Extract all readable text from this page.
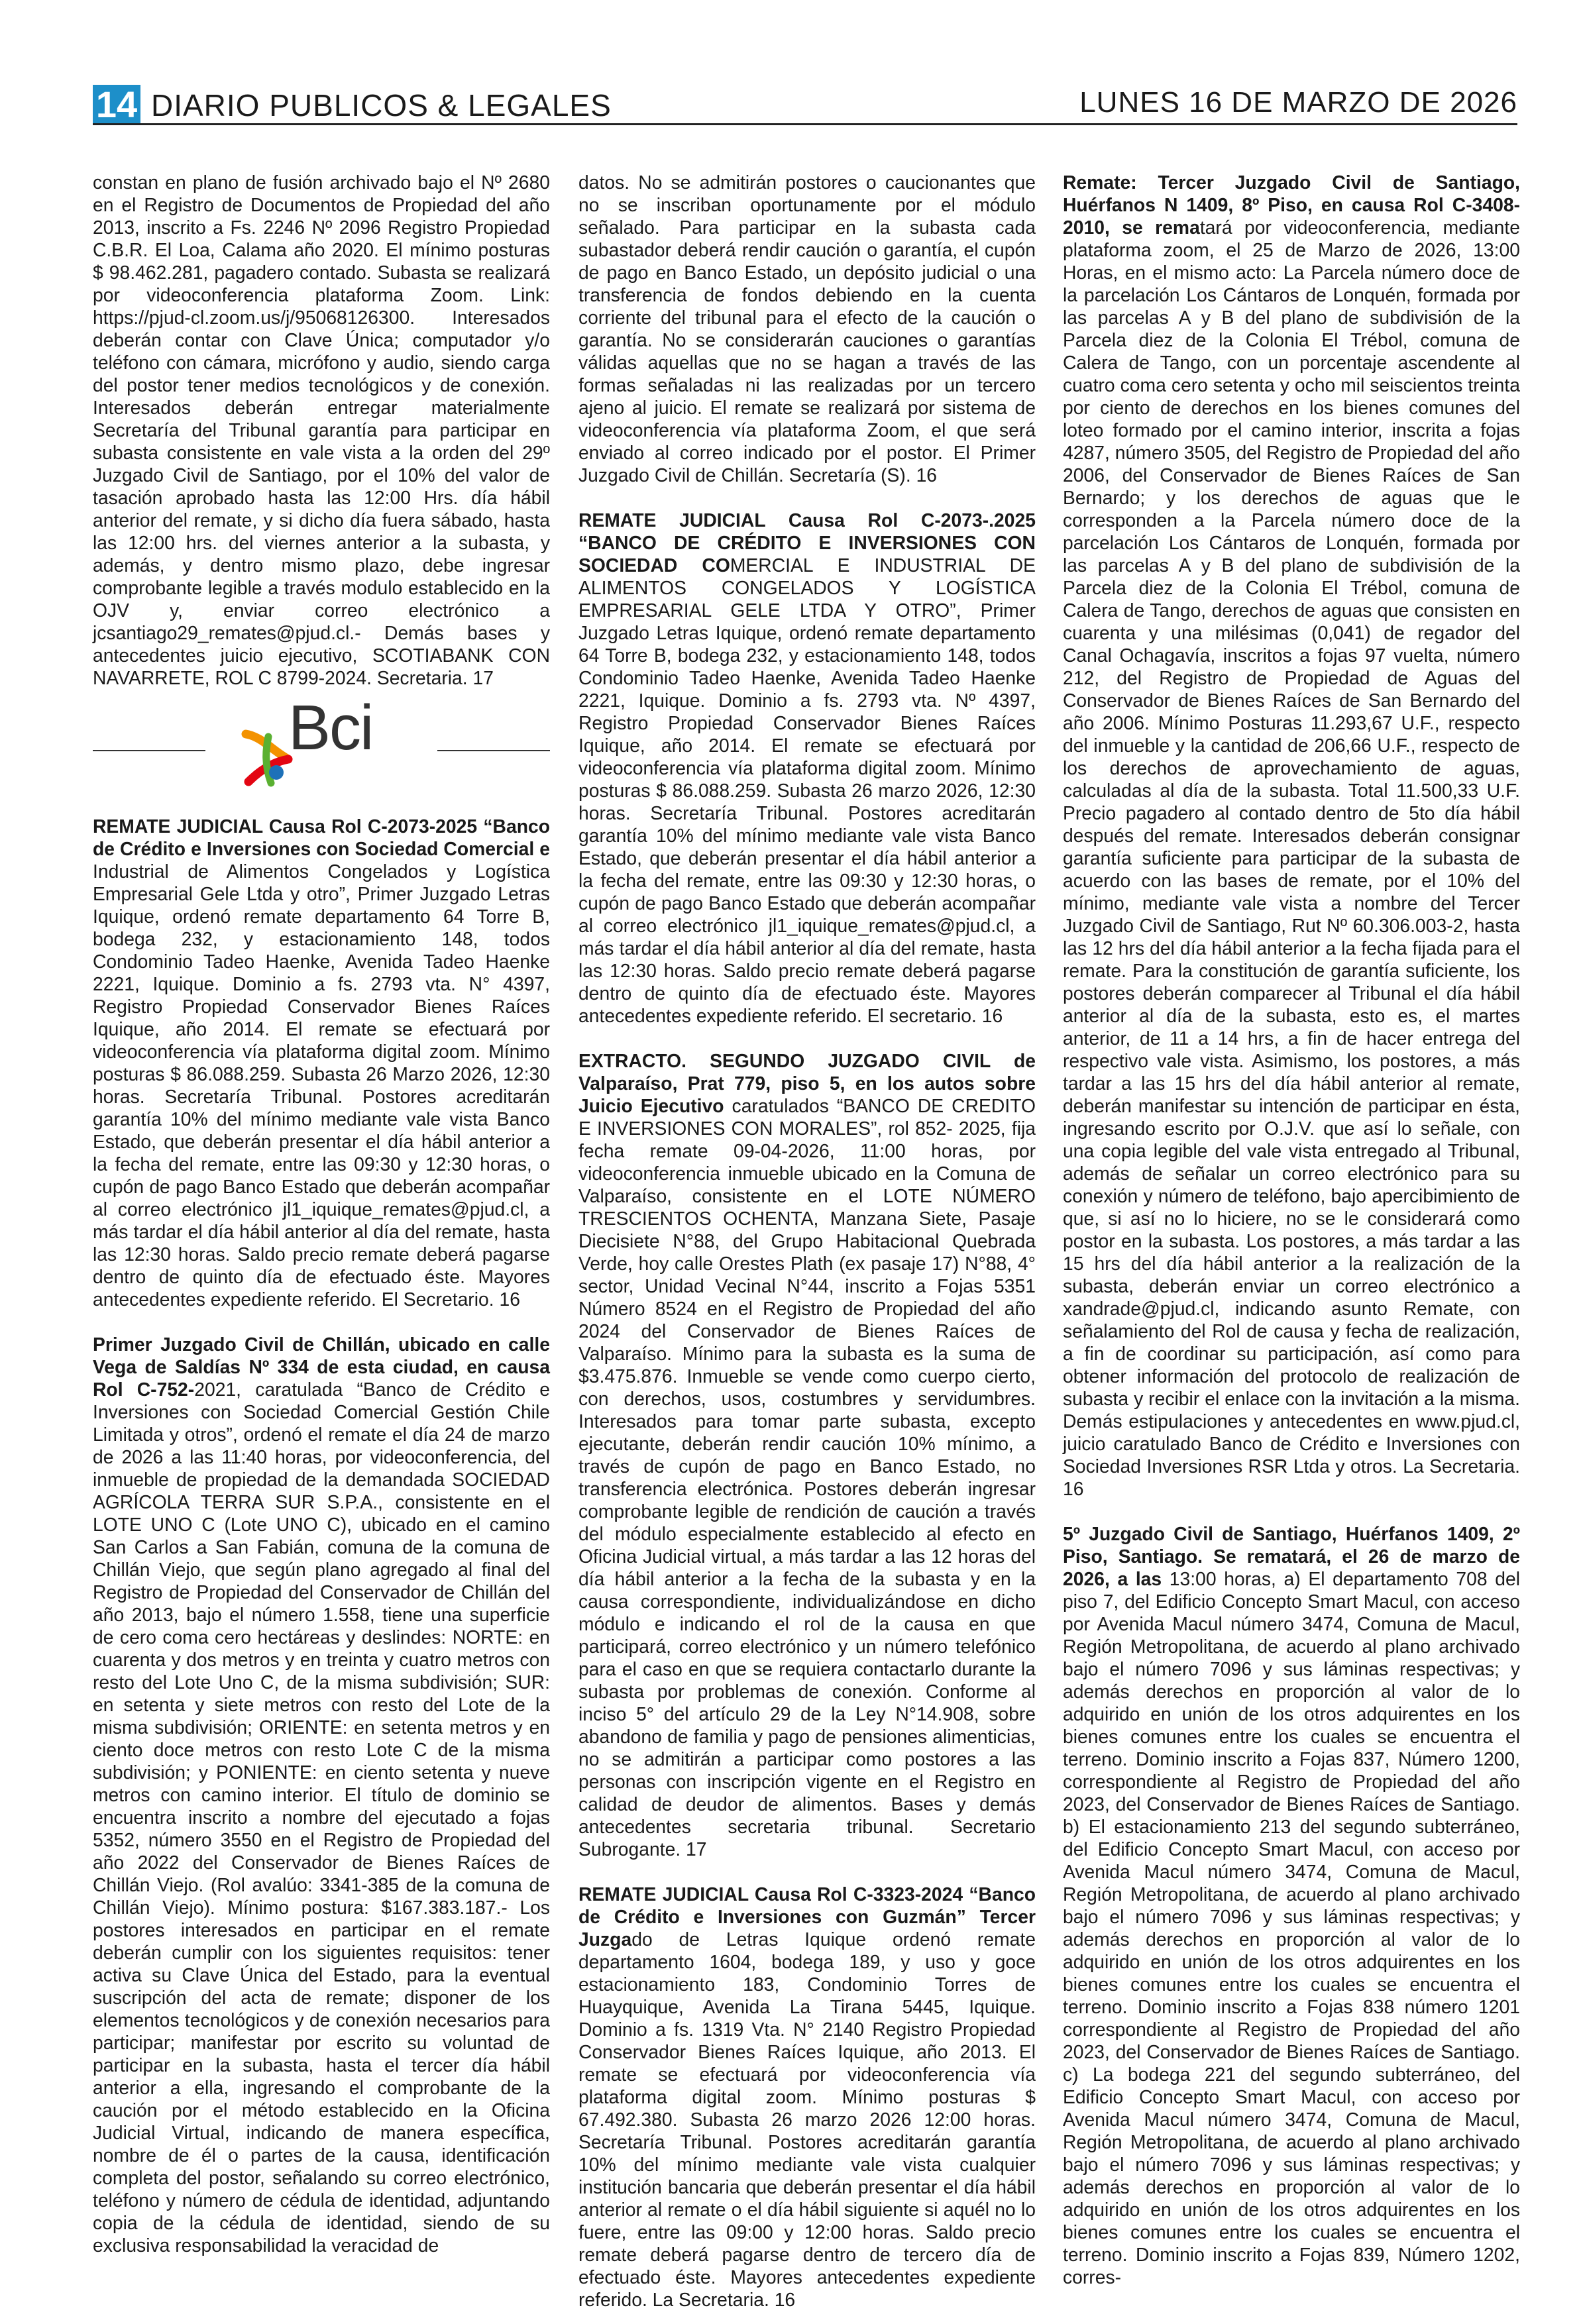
14 DIARIO PUBLICOS & LEGALES	LUNES 16 DE MARZO DE 2026

constan en plano de fusión archivado bajo el Nº 2680 en el Registro de Documentos de Propiedad del año 2013, inscrito a Fs. 2246 Nº 2096 Registro Propiedad C.B.R. El Loa, Calama año 2020. El mínimo posturas $ 98.462.281, pagadero contado. Subasta se realizará por videoconferencia plataforma Zoom. Link: https://pjud-cl.zoom.us/j/95068126300. Interesados deberán contar con Clave Única; computador y/o teléfono con cámara, micrófono y audio, siendo carga del postor tener medios tecnológicos y de conexión. Interesados deberán entregar materialmente Secretaría del Tribunal garantía para participar en subasta consistente en vale vista a la orden del 29º Juzgado Civil de Santiago, por el 10% del valor de tasación aprobado hasta las 12:00 Hrs. día hábil anterior del remate, y si dicho día fuera sábado, hasta las 12:00 hrs. del viernes anterior a la subasta, y además, y dentro mismo plazo, debe ingresar comprobante legible a través modulo establecido en la OJV y, enviar correo electrónico a jcsantiago29_remates@pjud.cl.- Demás bases y antecedentes juicio ejecutivo, SCOTIABANK CON NAVARRETE, ROL C 8799-2024. Secretaria. 17

Bci

REMATE JUDICIAL Causa Rol C-2073-2025 “Banco de Crédito e Inversiones con Sociedad Comercial e Industrial de Alimentos Congelados y Logística Empresarial Gele Ltda y otro”, Primer Juzgado Letras Iquique, ordenó remate departamento 64 Torre B, bodega 232, y estacionamiento 148, todos Condominio Tadeo Haenke, Avenida Tadeo Haenke 2221, Iquique. Dominio a fs. 2793 vta. N° 4397, Registro Propiedad Conservador Bienes Raíces Iquique, año 2014. El remate se efectuará por videoconferencia vía plataforma digital zoom. Mínimo posturas $ 86.088.259. Subasta 26 Marzo 2026, 12:30 horas. Secretaría Tribunal. Postores acreditarán garantía 10% del mínimo mediante vale vista Banco Estado, que deberán presentar el día hábil anterior a la fecha del remate, entre las 09:30 y 12:30 horas, o cupón de pago Banco Estado que deberán acompañar al correo electrónico jl1_iquique_remates@pjud.cl, a más tardar el día hábil anterior al día del remate, hasta las 12:30 horas. Saldo precio remate deberá pagarse dentro de quinto día de efectuado éste. Mayores antecedentes expediente referido. El Secretario. 16

Primer Juzgado Civil de Chillán, ubicado en calle Vega de Saldías Nº 334 de esta ciudad, en causa Rol C-752-2021, caratulada “Banco de Crédito e Inversiones con Sociedad Comercial Gestión Chile Limitada y otros”, ordenó el remate el día 24 de marzo de 2026 a las 11:40 horas, por videoconferencia, del inmueble de propiedad de la demandada SOCIEDAD AGRÍCOLA TERRA SUR S.P.A., consistente en el LOTE UNO C (Lote UNO C), ubicado en el camino San Carlos a San Fabián, comuna de la comuna de Chillán Viejo, que según plano agregado al final del Registro de Propiedad del Conservador de Chillán del año 2013, bajo el número 1.558, tiene una superficie de cero coma cero hectáreas y deslindes: NORTE: en cuarenta y dos metros y en treinta y cuatro metros con resto del Lote Uno C, de la misma subdivisión; SUR: en setenta y siete metros con resto del Lote de la misma subdivisión; ORIENTE: en setenta metros y en ciento doce metros con resto Lote C de la misma subdivisión; y PONIENTE: en ciento setenta y nueve metros con camino interior. El título de dominio se encuentra inscrito a nombre del ejecutado a fojas 5352, número 3550 en el Registro de Propiedad del año 2022 del Conservador de Bienes Raíces de Chillán Viejo. (Rol avalúo: 3341-385 de la comuna de Chillán Viejo). Mínimo postura: $167.383.187.- Los postores interesados en participar en el remate deberán cumplir con los siguientes requisitos: tener activa su Clave Única del Estado, para la eventual suscripción del acta de remate; disponer de los elementos tecnológicos y de conexión necesarios para participar; manifestar por escrito su voluntad de participar en la subasta, hasta el tercer día hábil anterior a ella, ingresando el comprobante de la caución por el método establecido en la Oficina Judicial Virtual, indicando de manera específica, nombre de él o partes de la causa, identificación completa del postor, señalando su correo electrónico, teléfono y número de cédula de identidad, adjuntando copia de la cédula de identidad, siendo de su exclusiva responsabilidad la veracidad de

datos. No se admitirán postores o caucionantes que no se inscriban oportunamente por el módulo señalado. Para participar en la subasta cada subastador deberá rendir caución o garantía, el cupón de pago en Banco Estado, un depósito judicial o una transferencia de fondos debiendo en la cuenta corriente del tribunal para el efecto de la caución o garantía. No se considerarán cauciones o garantías válidas aquellas que no se hagan a través de las formas señaladas ni las realizadas por un tercero ajeno al juicio. El remate se realizará por sistema de videoconferencia vía plataforma Zoom, el que será enviado al correo indicado por el postor. El Primer Juzgado Civil de Chillán. Secretaría (S). 16

REMATE JUDICIAL Causa Rol C-2073-.2025 “BANCO DE CRÉDITO E INVERSIONES CON SOCIEDAD COMERCIAL E INDUSTRIAL DE ALIMENTOS CONGELADOS Y LOGÍSTICA EMPRESARIAL GELE LTDA Y OTRO”, Primer Juzgado Letras Iquique, ordenó remate departamento 64 Torre B, bodega 232, y estacionamiento 148, todos Condominio Tadeo Haenke, Avenida Tadeo Haenke 2221, Iquique. Dominio a fs. 2793 vta. Nº 4397, Registro Propiedad Conservador Bienes Raíces Iquique, año 2014. El remate se efectuará por videoconferencia vía plataforma digital zoom. Mínimo posturas $ 86.088.259. Subasta 26 marzo 2026, 12:30 horas. Secretaría Tribunal. Postores acreditarán garantía 10% del mínimo mediante vale vista Banco Estado, que deberán presentar el día hábil anterior a la fecha del remate, entre las 09:30 y 12:30 horas, o cupón de pago Banco Estado que deberán acompañar al correo electrónico jl1_iquique_remates@pjud.cl, a más tardar el día hábil anterior al día del remate, hasta las 12:30 horas. Saldo precio remate deberá pagarse dentro de quinto día de efectuado éste. Mayores antecedentes expediente referido. El secretario. 16

EXTRACTO. SEGUNDO JUZGADO CIVIL de Valparaíso, Prat 779, piso 5, en los autos sobre Juicio Ejecutivo caratulados “BANCO DE CREDITO E INVERSIONES CON MORALES”, rol 852- 2025, fija fecha remate 09-04-2026, 11:00 horas, por videoconferencia inmueble ubicado en la Comuna de Valparaíso, consistente en el LOTE NÚMERO TRESCIENTOS OCHENTA, Manzana Siete, Pasaje Diecisiete N°88, del Grupo Habitacional Quebrada Verde, hoy calle Orestes Plath (ex pasaje 17) N°88, 4° sector, Unidad Vecinal N°44, inscrito a Fojas 5351 Número 8524 en el Registro de Propiedad del año 2024 del Conservador de Bienes Raíces de Valparaíso. Mínimo para la subasta es la suma de $3.475.876. Inmueble se vende como cuerpo cierto, con derechos, usos, costumbres y servidumbres. Interesados para tomar parte subasta, excepto ejecutante, deberán rendir caución 10% mínimo, a través de cupón de pago en Banco Estado, no transferencia electrónica. Postores deberán ingresar comprobante legible de rendición de caución a través del módulo especialmente establecido al efecto en Oficina Judicial virtual, a más tardar a las 12 horas del día hábil anterior a la fecha de la subasta y en la causa correspondiente, individualizándose en dicho módulo e indicando el rol de la causa en que participará, correo electrónico y un número telefónico para el caso en que se requiera contactarlo durante la subasta por problemas de conexión. Conforme al inciso 5° del artículo 29 de la Ley N°14.908, sobre abandono de familia y pago de pensiones alimenticias, no se admitirán a participar como postores a las personas con inscripción vigente en el Registro en calidad de deudor de alimentos. Bases y demás antecedentes secretaria tribunal. Secretario Subrogante. 17

REMATE JUDICIAL Causa Rol C-3323-2024 “Banco de Crédito e Inversiones con Guzmán” Tercer Juzgado de Letras Iquique ordenó remate departamento 1604, bodega 189, y uso y goce estacionamiento 183, Condominio Torres de Huayquique, Avenida La Tirana 5445, Iquique. Dominio a fs. 1319 Vta. N° 2140 Registro Propiedad Conservador Bienes Raíces Iquique, año 2013. El remate se efectuará por videoconferencia vía plataforma digital zoom. Mínimo posturas $ 67.492.380. Subasta 26 marzo 2026 12:00 horas. Secretaría Tribunal. Postores acreditarán garantía 10% del mínimo mediante vale vista cualquier institución bancaria que deberán presentar el día hábil anterior al remate o el día hábil siguiente si aquél no lo fuere, entre las 09:00 y 12:00 horas. Saldo precio remate deberá pagarse dentro de tercero día de efectuado éste. Mayores antecedentes expediente referido. La Secretaria. 16

Remate: Tercer Juzgado Civil de Santiago, Huérfanos N 1409, 8º Piso, en causa Rol C-3408-2010, se rematará por videoconferencia, mediante plataforma zoom, el 25 de Marzo de 2026, 13:00 Horas, en el mismo acto: La Parcela número doce de la parcelación Los Cántaros de Lonquén, formada por las parcelas A y B del plano de subdivisión de la Parcela diez de la Colonia El Trébol, comuna de Calera de Tango, con un porcentaje ascendente al cuatro coma cero setenta y ocho mil seiscientos treinta por ciento de derechos en los bienes comunes del loteo formado por el camino interior, inscrita a fojas 4287, número 3505, del Registro de Propiedad del año 2006, del Conservador de Bienes Raíces de San Bernardo; y los derechos de aguas que le corresponden a la Parcela número doce de la parcelación Los Cántaros de Lonquén, formada por las parcelas A y B del plano de subdivisión de la Parcela diez de la Colonia El Trébol, comuna de Calera de Tango, derechos de aguas que consisten en cuarenta y una milésimas (0,041) de regador del Canal Ochagavía, inscritos a fojas 97 vuelta, número 212, del Registro de Propiedad de Aguas del Conservador de Bienes Raíces de San Bernardo del año 2006. Mínimo Posturas 11.293,67 U.F., respecto del inmueble y la cantidad de 206,66 U.F., respecto de los derechos de aprovechamiento de aguas, calculadas al día de la subasta. Total 11.500,33 U.F. Precio pagadero al contado dentro de 5to día hábil después del remate. Interesados deberán consignar garantía suficiente para participar de la subasta de acuerdo con las bases de remate, por el 10% del mínimo, mediante vale vista a nombre del Tercer Juzgado Civil de Santiago, Rut Nº 60.306.003-2, hasta las 12 hrs del día hábil anterior a la fecha fijada para el remate. Para la constitución de garantía suficiente, los postores deberán comparecer al Tribunal el día hábil anterior al día de la subasta, esto es, el martes anterior, de 11 a 14 hrs, a fin de hacer entrega del respectivo vale vista. Asimismo, los postores, a más tardar a las 15 hrs del día hábil anterior al remate, deberán manifestar su intención de participar en ésta, ingresando escrito por O.J.V. que así lo señale, con una copia legible del vale vista entregado al Tribunal, además de señalar un correo electrónico para su conexión y número de teléfono, bajo apercibimiento de que, si así no lo hiciere, no se le considerará como postor en la subasta. Los postores, a más tardar a las 15 hrs del día hábil anterior a la realización de la subasta, deberán enviar un correo electrónico a xandrade@pjud.cl, indicando asunto Remate, con señalamiento del Rol de causa y fecha de realización, a fin de coordinar su participación, así como para obtener información del protocolo de realización de subasta y recibir el enlace con la invitación a la misma. Demás estipulaciones y antecedentes en www.pjud.cl, juicio caratulado Banco de Crédito e Inversiones con Sociedad Inversiones RSR Ltda y otros. La Secretaria. 16

5º Juzgado Civil de Santiago, Huérfanos 1409, 2º Piso, Santiago. Se rematará, el 26 de marzo de 2026, a las 13:00 horas, a) El departamento 708 del piso 7, del Edificio Concepto Smart Macul, con acceso por Avenida Macul número 3474, Comuna de Macul, Región Metropolitana, de acuerdo al plano archivado bajo el número 7096 y sus láminas respectivas; y además derechos en proporción al valor de lo adquirido en unión de los otros adquirentes en los bienes comunes entre los cuales se encuentra el terreno. Dominio inscrito a Fojas 837, Número 1200, correspondiente al Registro de Propiedad del año 2023, del Conservador de Bienes Raíces de Santiago. b) El estacionamiento 213 del segundo subterráneo, del Edificio Concepto Smart Macul, con acceso por Avenida Macul número 3474, Comuna de Macul, Región Metropolitana, de acuerdo al plano archivado bajo el número 7096 y sus láminas respectivas; y además derechos en proporción al valor de lo adquirido en unión de los otros adquirentes en los bienes comunes entre los cuales se encuentra el terreno. Dominio inscrito a Fojas 838 número 1201 correspondiente al Registro de Propiedad del año 2023, del Conservador de Bienes Raíces de Santiago. c) La bodega 221 del segundo subterráneo, del Edificio Concepto Smart Macul, con acceso por Avenida Macul número 3474, Comuna de Macul, Región Metropolitana, de acuerdo al plano archivado bajo el número 7096 y sus láminas respectivas; y además derechos en proporción al valor de lo adquirido en unión de los otros adquirentes en los bienes comunes entre los cuales se encuentra el terreno. Dominio inscrito a Fojas 839, Número 1202, corres-
